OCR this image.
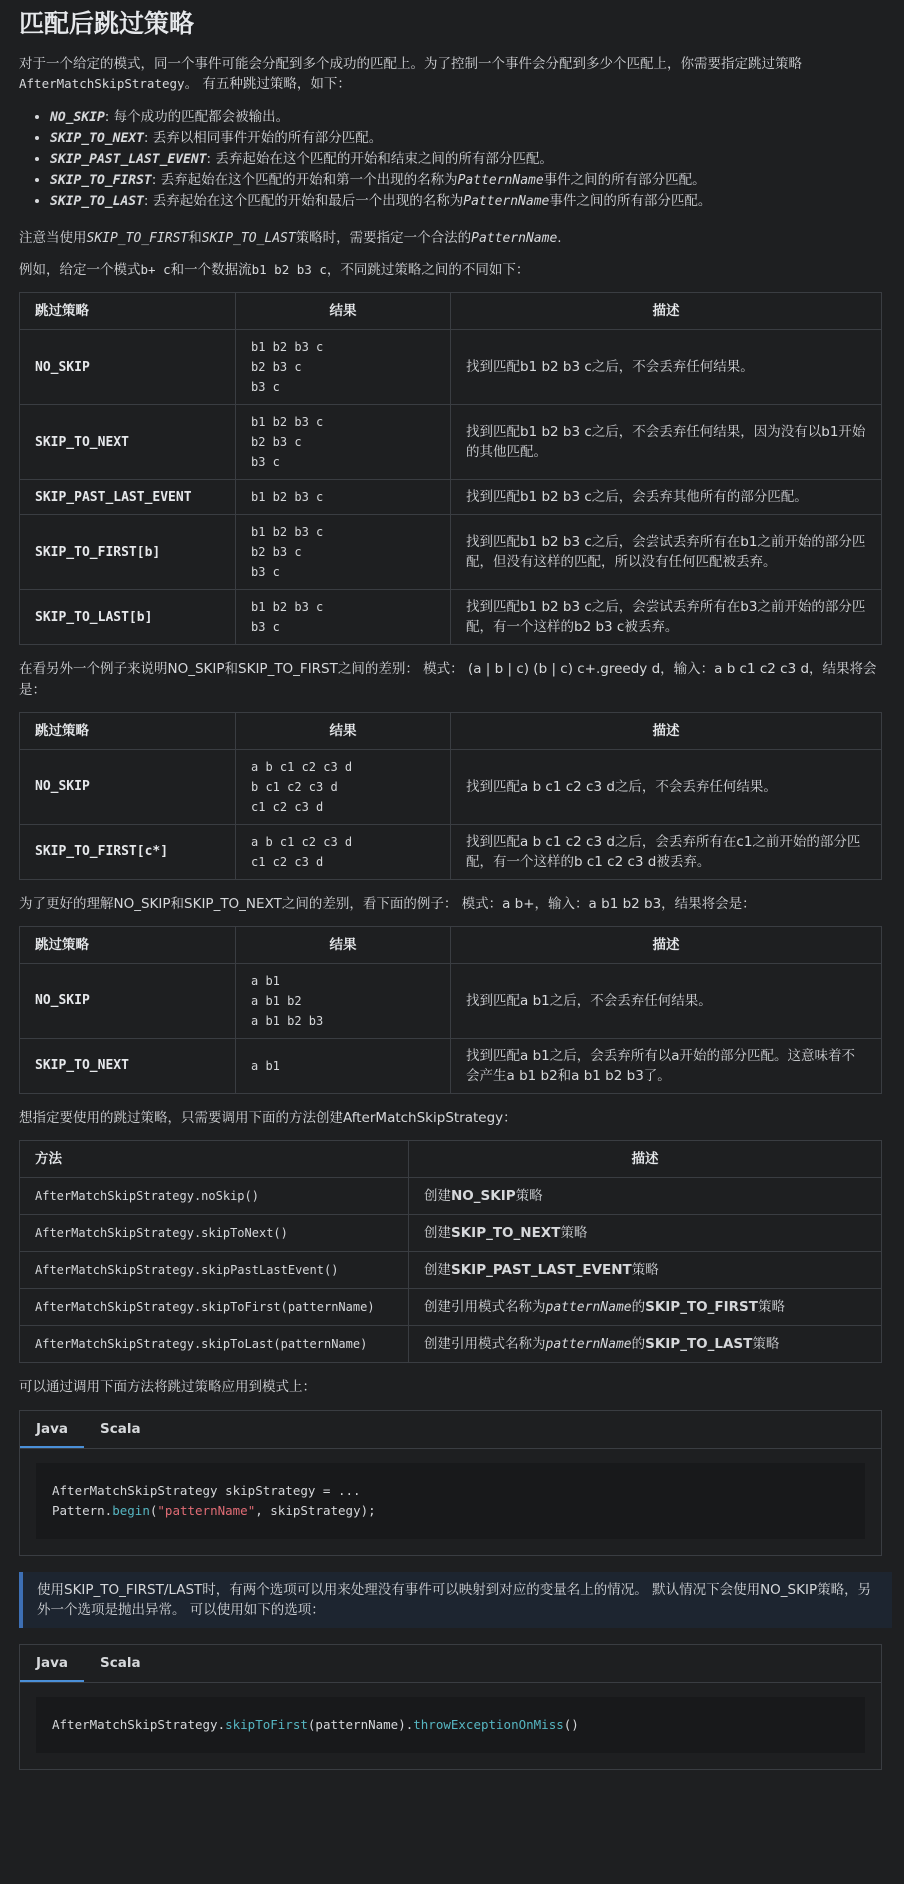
匹配后跳过策略

对于一个给定的模式，同一个事件可能会分配到多个成功的匹配上。为了控制一个事件会分配到多少个匹配上，你需要指定跳过策略
AfterMatchSkipStrategy。 有五种跳过策略，如下：

• NO_SKIP: 每个成功的匹配都会被输出。
• SKIP_TO_NEXT: 丢弃以相同事件开始的所有部分匹配。
• SKIP_PAST_LAST_EVENT: 丢弃起始在这个匹配的开始和结束之间的所有部分匹配。
• SKIP_TO_FIRST: 丢弃起始在这个匹配的开始和第一个出现的名称为PatternName事件之间的所有部分匹配。
• SKIP_TO_LAST: 丢弃起始在这个匹配的开始和最后一个出现的名称为PatternName事件之间的所有部分匹配。

注意当使用SKIP_TO_FIRST和SKIP_TO_LAST策略时，需要指定一个合法的PatternName.

例如，给定一个模式b+ c和一个数据流b1 b2 b3 c，不同跳过策略之间的不同如下：

跳过策略	结果	描述
NO_SKIP	b1 b2 b3 c
b2 b3 c
b3 c	找到匹配b1 b2 b3 c之后，不会丢弃任何结果。
SKIP_TO_NEXT	b1 b2 b3 c
b2 b3 c
b3 c	找到匹配b1 b2 b3 c之后，不会丢弃任何结果，因为没有以b1开始的其他匹配。
SKIP_PAST_LAST_EVENT	b1 b2 b3 c	找到匹配b1 b2 b3 c之后，会丢弃其他所有的部分匹配。
SKIP_TO_FIRST[b]	b1 b2 b3 c
b2 b3 c
b3 c	找到匹配b1 b2 b3 c之后，会尝试丢弃所有在b1之前开始的部分匹配，但没有这样的匹配，所以没有任何匹配被丢弃。
SKIP_TO_LAST[b]	b1 b2 b3 c
b3 c	找到匹配b1 b2 b3 c之后，会尝试丢弃所有在b3之前开始的部分匹配，有一个这样的b2 b3 c被丢弃。

在看另外一个例子来说明NO_SKIP和SKIP_TO_FIRST之间的差别： 模式： (a | b | c) (b | c) c+.greedy d，输入：a b c1 c2 c3 d，结果将会是：

跳过策略	结果	描述
NO_SKIP	a b c1 c2 c3 d
b c1 c2 c3 d
c1 c2 c3 d	找到匹配a b c1 c2 c3 d之后，不会丢弃任何结果。
SKIP_TO_FIRST[c*]	a b c1 c2 c3 d
c1 c2 c3 d	找到匹配a b c1 c2 c3 d之后，会丢弃所有在c1之前开始的部分匹配，有一个这样的b c1 c2 c3 d被丢弃。

为了更好的理解NO_SKIP和SKIP_TO_NEXT之间的差别，看下面的例子： 模式：a b+，输入：a b1 b2 b3，结果将会是：

跳过策略	结果	描述
NO_SKIP	a b1
a b1 b2
a b1 b2 b3	找到匹配a b1之后，不会丢弃任何结果。
SKIP_TO_NEXT	a b1	找到匹配a b1之后，会丢弃所有以a开始的部分匹配。这意味着不会产生a b1 b2和a b1 b2 b3了。

想指定要使用的跳过策略，只需要调用下面的方法创建AfterMatchSkipStrategy：

方法	描述
AfterMatchSkipStrategy.noSkip()	创建NO_SKIP策略
AfterMatchSkipStrategy.skipToNext()	创建SKIP_TO_NEXT策略
AfterMatchSkipStrategy.skipPastLastEvent()	创建SKIP_PAST_LAST_EVENT策略
AfterMatchSkipStrategy.skipToFirst(patternName)	创建引用模式名称为patternName的SKIP_TO_FIRST策略
AfterMatchSkipStrategy.skipToLast(patternName)	创建引用模式名称为patternName的SKIP_TO_LAST策略

可以通过调用下面方法将跳过策略应用到模式上：

Java	Scala
AfterMatchSkipStrategy skipStrategy = ...
Pattern.begin("patternName", skipStrategy);
使用SKIP_TO_FIRST/LAST时，有两个选项可以用来处理没有事件可以映射到对应的变量名上的情况。 默认情况下会使用NO_SKIP策略，另外一个选项是抛出异常。 可以使用如下的选项：
Java	Scala
AfterMatchSkipStrategy.skipToFirst(patternName).throwExceptionOnMiss()
